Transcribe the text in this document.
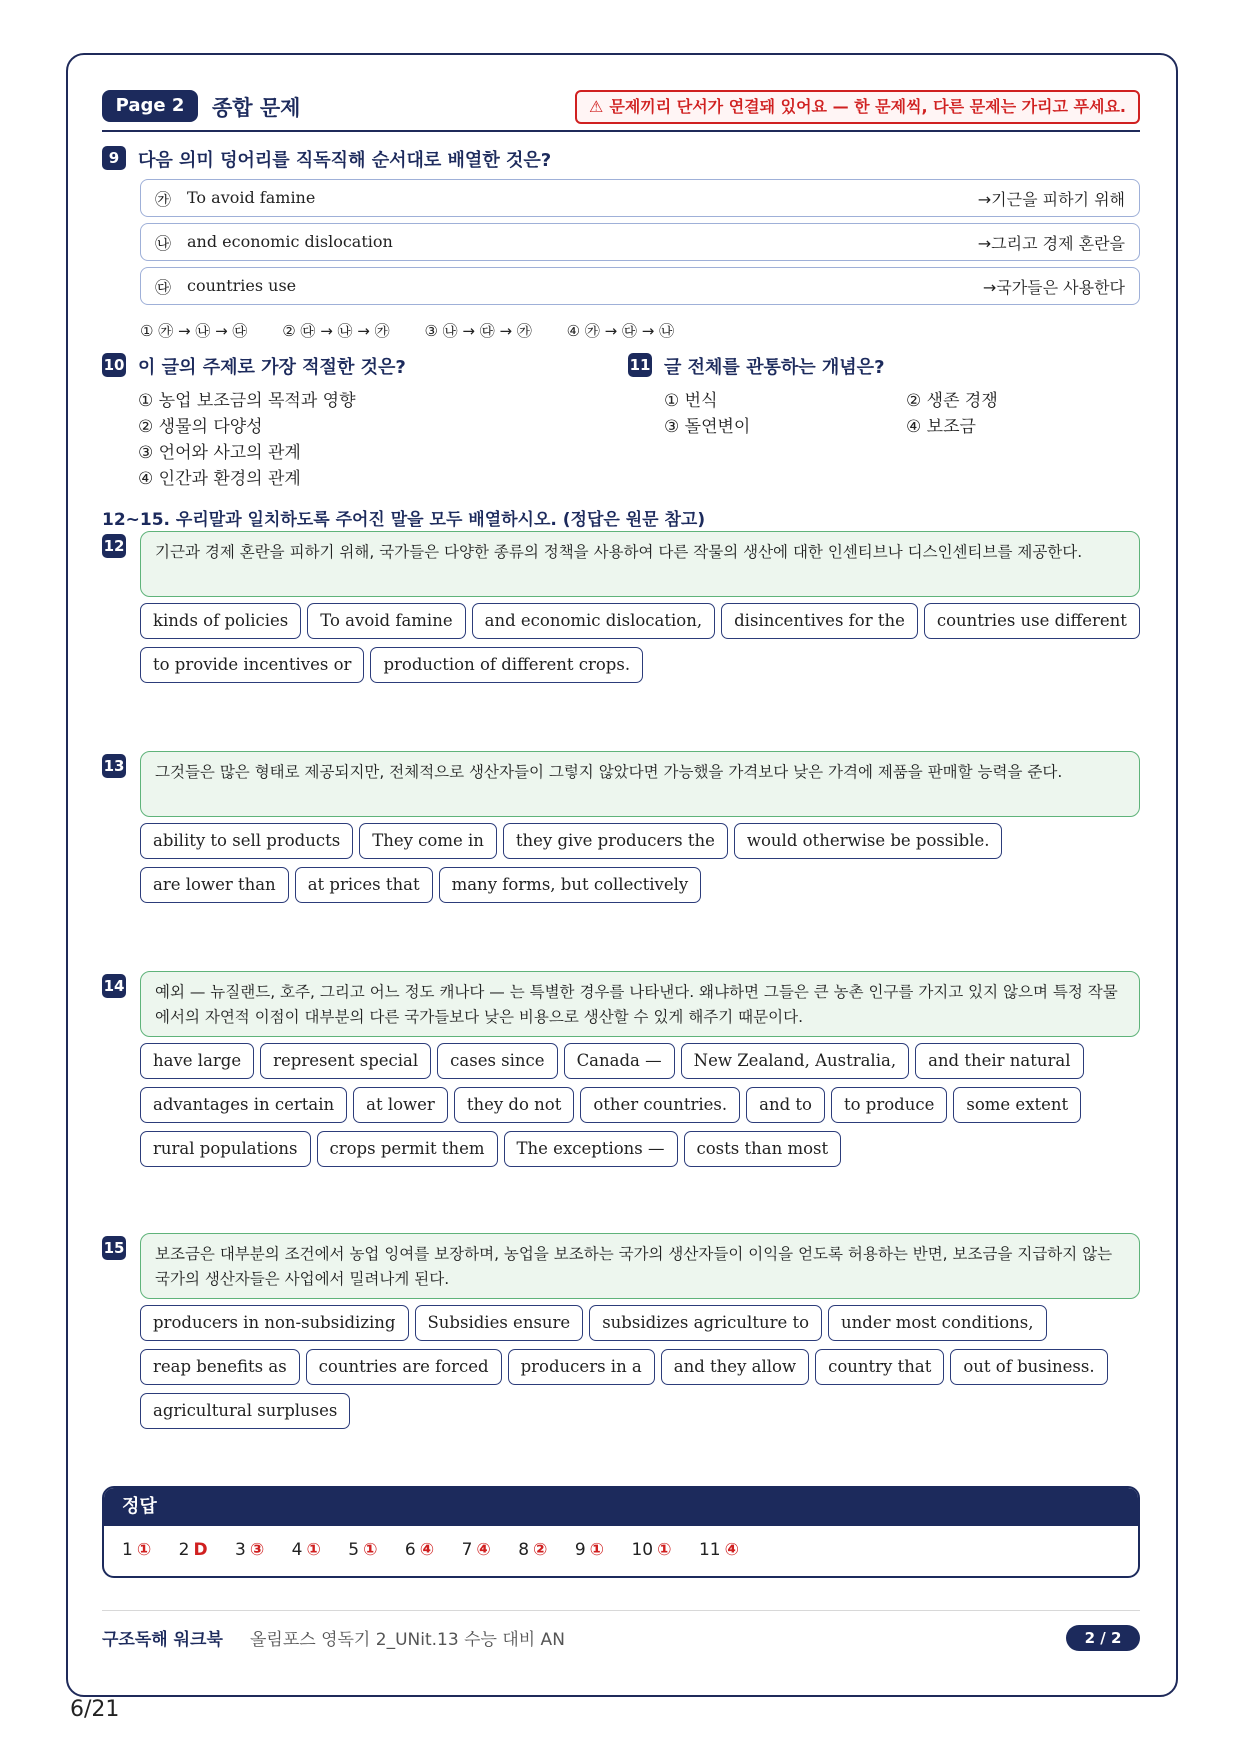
Page 2	종합 문제	⚠ 문제끼리 단서가 연결돼 있어요 — 한 문제씩, 다른 문제는 가리고 푸세요.
9	다음 의미 덩어리를 직독직해 순서대로 배열한 것은?
㉮ To avoid famine	→기근을 피하기 위해
㉯ and economic dislocation	→그리고 경제 혼란을
㉰ countries use	→국가들은 사용한다
① ㉮ → ㉯ → ㉰ ② ㉰ → ㉯ → ㉮ ③ ㉯ → ㉰ → ㉮ ④ ㉮ → ㉰ → ㉯
10 이 글의 주제로 가장 적절한 것은?
① 농업 보조금의 목적과 영향
② 생물의 다양성
③ 언어와 사고의 관계
④ 인간과 환경의 관계
11 글 전체를 관통하는 개념은?
① 번식	② 생존 경쟁
③ 돌연변이	④ 보조금
12~15. 우리말과 일치하도록 주어진 말을 모두 배열하시오. (정답은 원문 참고)
12	기근과 경제 혼란을 피하기 위해, 국가들은 다양한 종류의 정책을 사용하여 다른 작물의 생산에 대한 인센티브나 디스인센티브를 제공한다.
kinds of policies	To avoid famine	and economic dislocation,	disincentives for the	countries use different
to provide incentives or	production of different crops.
13	그것들은 많은 형태로 제공되지만, 전체적으로 생산자들이 그렇지 않았다면 가능했을 가격보다 낮은 가격에 제품을 판매할 능력을 준다.
ability to sell products	They come in	they give producers the	would otherwise be possible.
are lower than	at prices that	many forms, but collectively
14	예외 — 뉴질랜드, 호주, 그리고 어느 정도 캐나다 — 는 특별한 경우를 나타낸다. 왜냐하면 그들은 큰 농촌 인구를 가지고 있지 않으며 특정 작물에서의 자연적 이점이 대부분의 다른 국가들보다 낮은 비용으로 생산할 수 있게 해주기 때문이다.
have large	represent special	cases since	Canada —	New Zealand, Australia,	and their natural
advantages in certain	at lower	they do not	other countries.	and to	to produce	some extent
rural populations	crops permit them	The exceptions —	costs than most
15	보조금은 대부분의 조건에서 농업 잉여를 보장하며, 농업을 보조하는 국가의 생산자들이 이익을 얻도록 허용하는 반면, 보조금을 지급하지 않는 국가의 생산자들은 사업에서 밀려나게 된다.
producers in non-subsidizing	Subsidies ensure	subsidizes agriculture to	under most conditions,
reap benefits as	countries are forced	producers in a	and they allow	country that	out of business.
agricultural surpluses
정답
1 ① 2 D 3 ③ 4 ① 5 ① 6 ④ 7 ④ 8 ② 9 ① 10 ① 11 ④
구조독해 워크북 올림포스 영독기 2_UNit.13 수능 대비 AN	2 / 2
6/21
